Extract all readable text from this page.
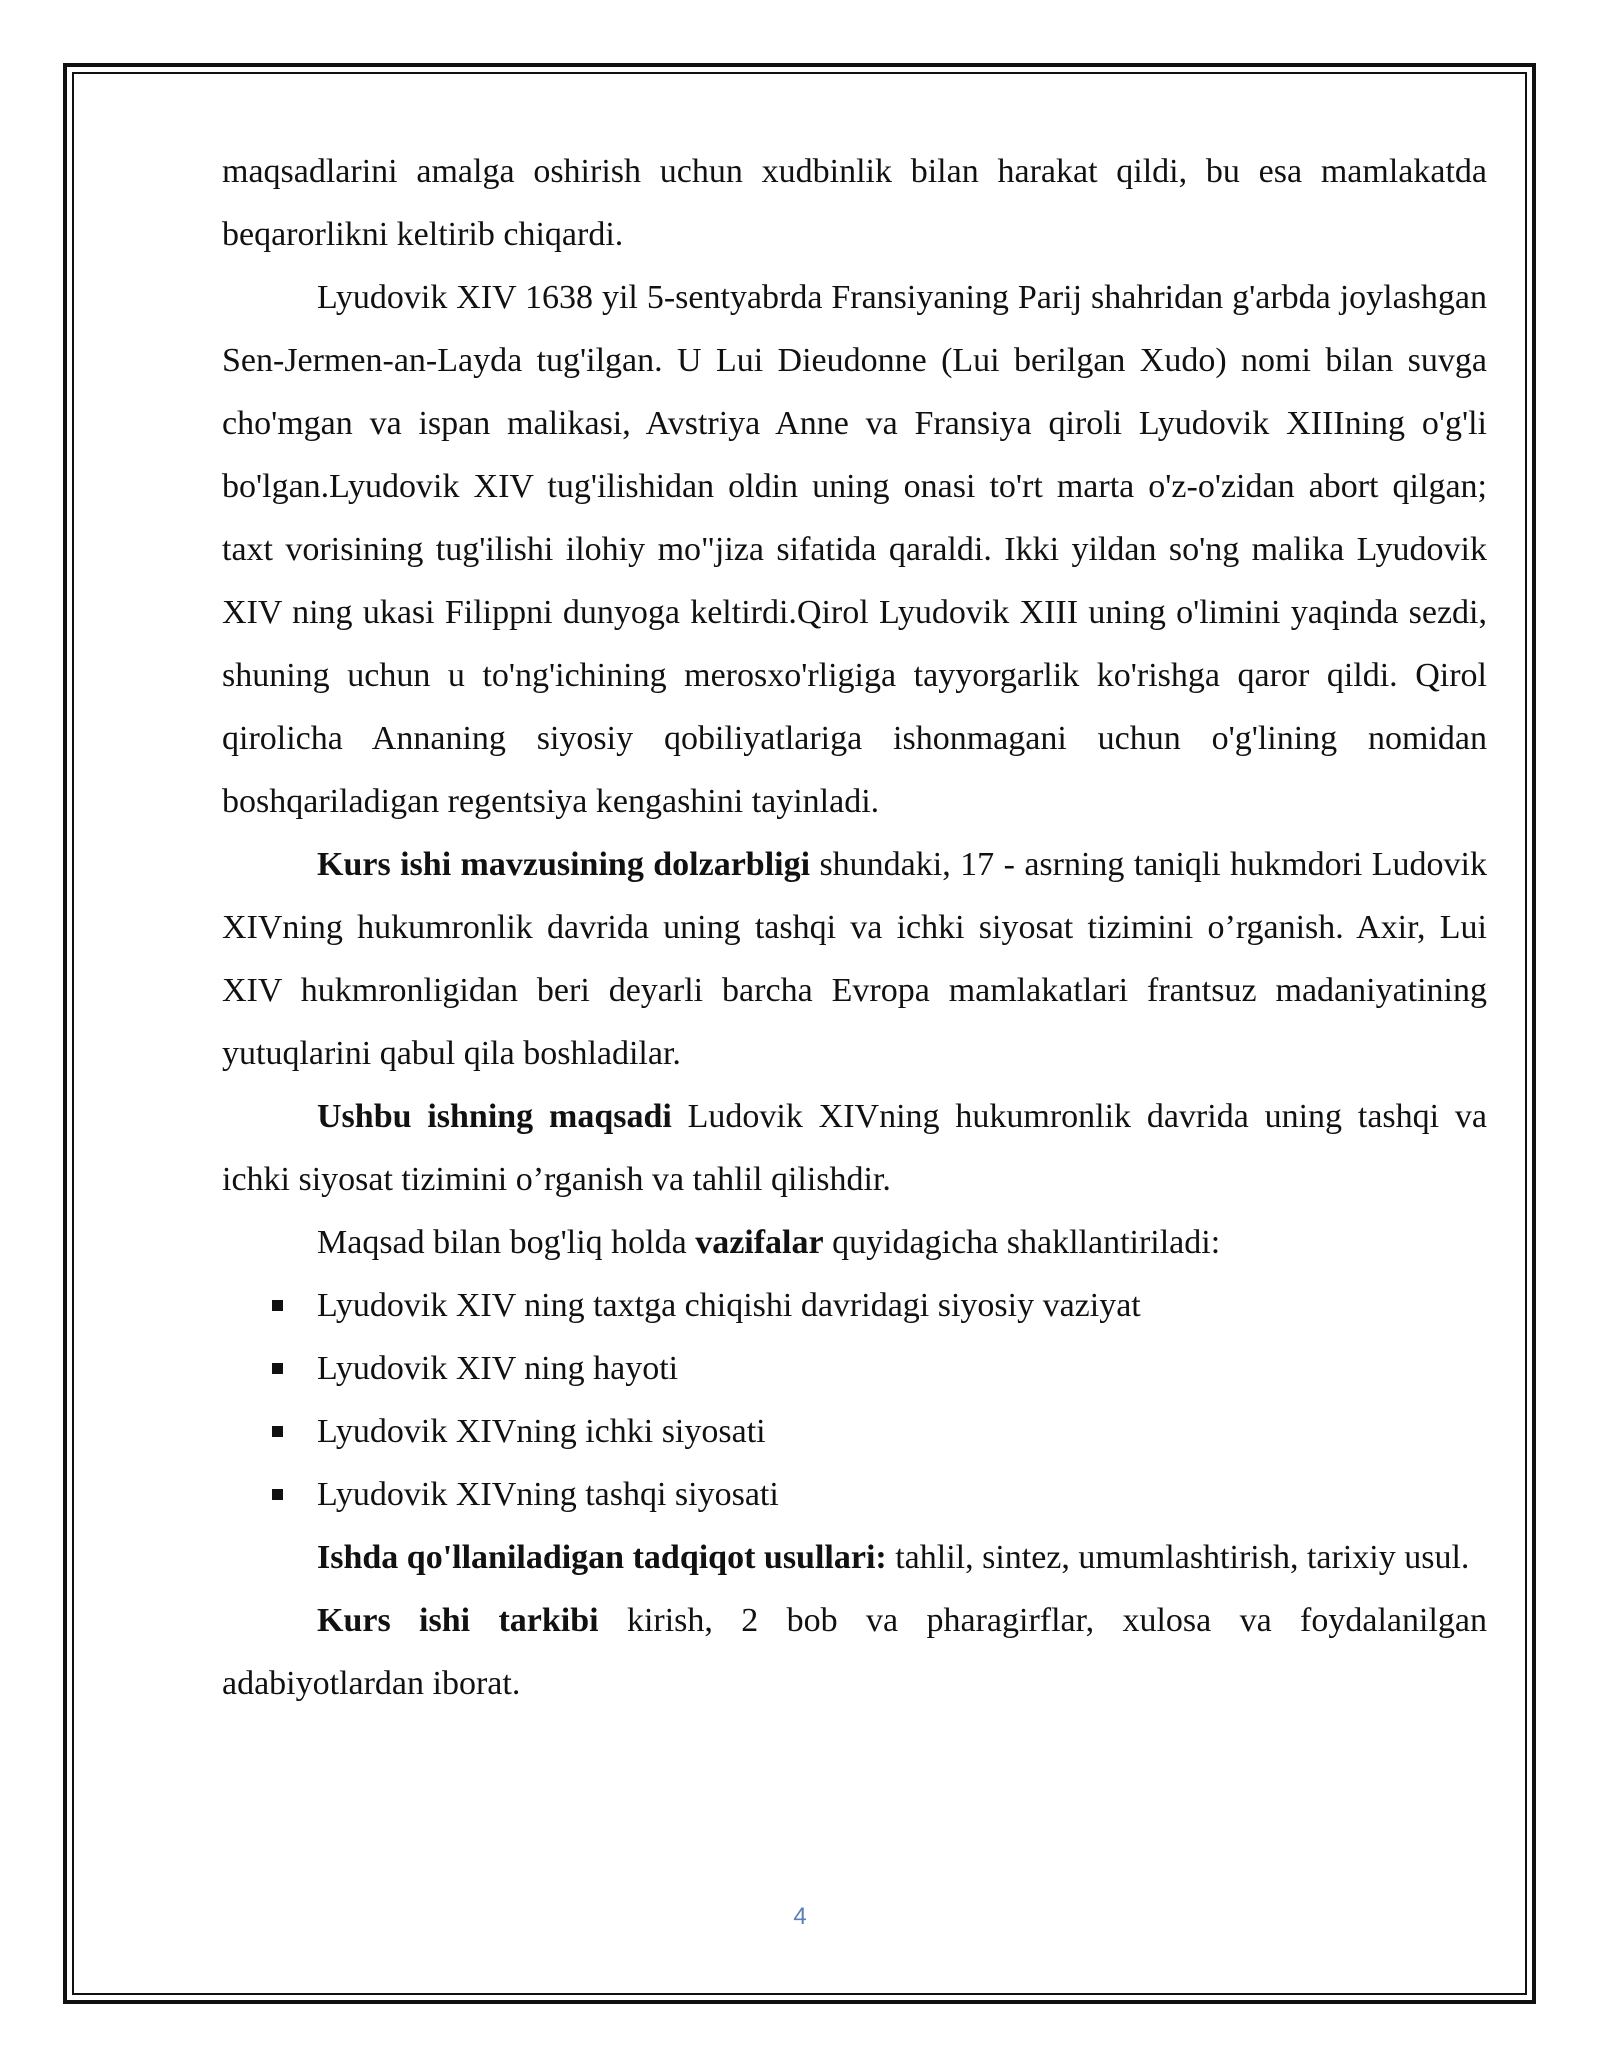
maqsadlarini amalga oshirish uchun xudbinlik bilan harakat qildi, bu esa mamlakatda beqarorlikni keltirib chiqardi.

Lyudovik XIV 1638 yil 5-sentyabrda Fransiyaning Parij shahridan g'arbda joylashgan Sen-Jermen-an-Layda tug'ilgan. U Lui Dieudonne (Lui berilgan Xudo) nomi bilan suvga cho'mgan va ispan malikasi, Avstriya Anne va Fransiya qiroli Lyudovik XIIIning o'g'li bo'lgan.Lyudovik XIV tug'ilishidan oldin uning onasi to'rt marta o'z-o'zidan abort qilgan; taxt vorisining tug'ilishi ilohiy mo"jiza sifatida qaraldi. Ikki yildan so'ng malika Lyudovik XIV ning ukasi Filippni dunyoga keltirdi.Qirol Lyudovik XIII uning o'limini yaqinda sezdi, shuning uchun u to'ng'ichining merosxo'rligiga tayyorgarlik ko'rishga qaror qildi. Qirol qirolicha Annaning siyosiy qobiliyatlariga ishonmagani uchun o'g'lining nomidan boshqariladigan regentsiya kengashini tayinladi.

Kurs ishi mavzusining dolzarbligi shundaki, 17 - asrning taniqli hukmdori Ludovik XIVning hukumronlik davrida uning tashqi va ichki siyosat tizimini o’rganish. Axir, Lui XIV hukmronligidan beri deyarli barcha Evropa mamlakatlari frantsuz madaniyatining yutuqlarini qabul qila boshladilar.

Ushbu ishning maqsadi Ludovik XIVning hukumronlik davrida uning tashqi va ichki siyosat tizimini o’rganish va tahlil qilishdir.

Maqsad bilan bog'liq holda vazifalar quyidagicha shakllantiriladi:

Lyudovik XIV ning taxtga chiqishi davridagi siyosiy vaziyat
Lyudovik XIV ning hayoti
Lyudovik XIVning ichki siyosati
Lyudovik XIVning tashqi siyosati

Ishda qo'llaniladigan tadqiqot usullari: tahlil, sintez, umumlashtirish, tarixiy usul.

Kurs ishi tarkibi kirish, 2 bob va pharagirflar, xulosa va foydalanilgan adabiyotlardan iborat.

4
